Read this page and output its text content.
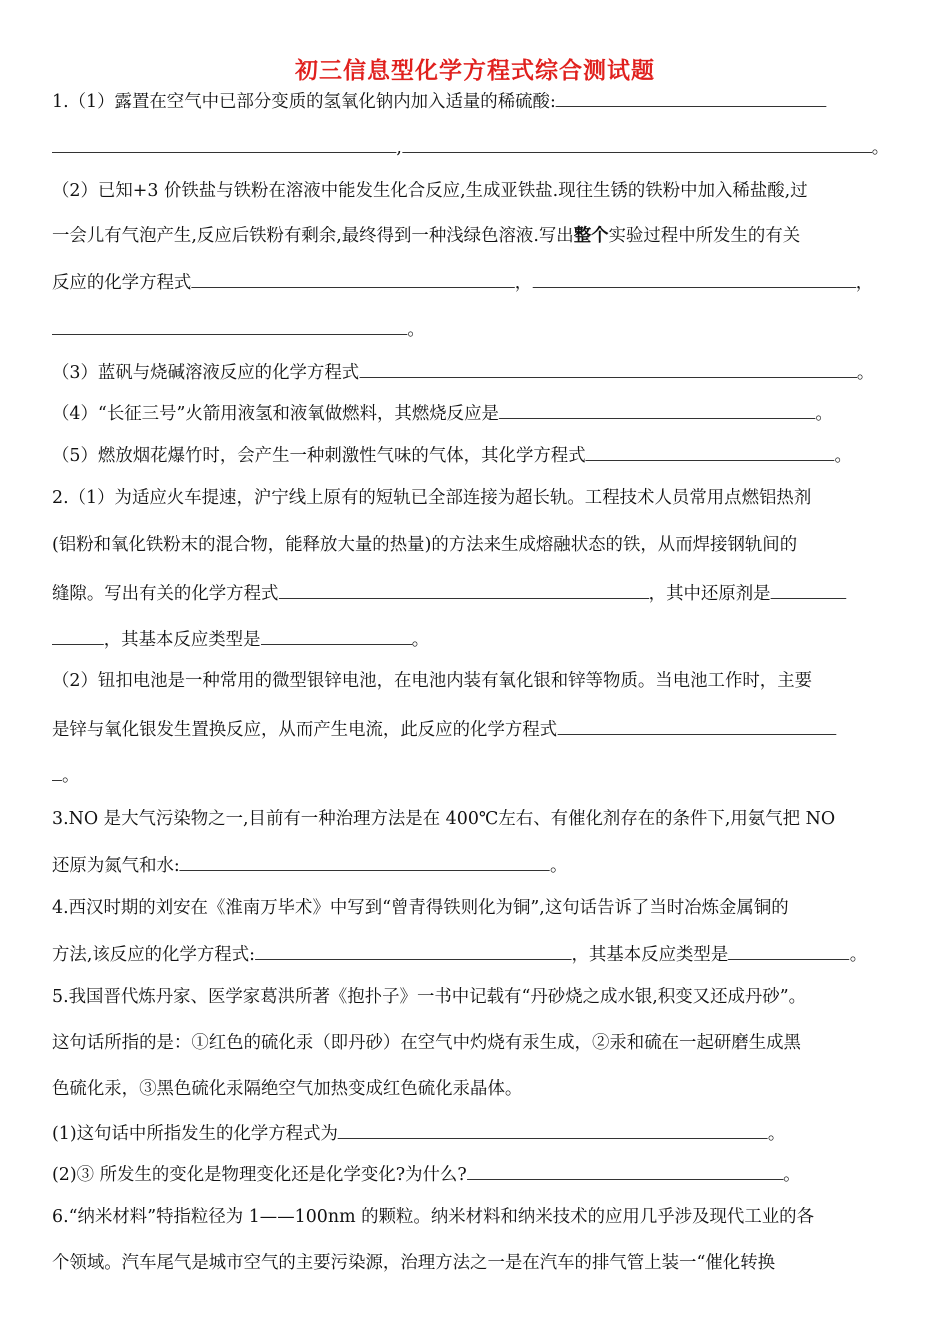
初三信息型化学方程式综合测试题
1.（1）露置在空气中已部分变质的氢氧化钠内加入适量的稀硫酸:
,	。
（2）已知+3 价铁盐与铁粉在溶液中能发生化合反应,生成亚铁盐.现往生锈的铁粉中加入稀盐酸,过
一会儿有气泡产生,反应后铁粉有剩余,最终得到一种浅绿色溶液.写出整个实验过程中所发生的有关
反应的化学方程式	，	，
。
（3）蓝矾与烧碱溶液反应的化学方程式	。
（4）“长征三号”火箭用液氢和液氧做燃料，其燃烧反应是	。
（5）燃放烟花爆竹时，会产生一种刺激性气味的气体，其化学方程式	。
2.（1）为适应火车提速，沪宁线上原有的短轨已全部连接为超长轨。工程技术人员常用点燃铝热剂
(铝粉和氧化铁粉末的混合物，能释放大量的热量)的方法来生成熔融状态的铁，从而焊接钢轨间的
缝隙。写出有关的化学方程式	，其中还原剂是
，其基本反应类型是	。
（2）钮扣电池是一种常用的微型银锌电池，在电池内装有氧化银和锌等物质。当电池工作时，主要
是锌与氧化银发生置换反应，从而产生电流，此反应的化学方程式
。
3.NO 是大气污染物之一,目前有一种治理方法是在 400℃左右、有催化剂存在的条件下,用氨气把 NO
还原为氮气和水:	。
4.西汉时期的刘安在《淮南万毕术》中写到“曾青得铁则化为铜”,这句话告诉了当时冶炼金属铜的
方法,该反应的化学方程式:	，其基本反应类型是	。
5.我国晋代炼丹家、医学家葛洪所著《抱扑子》一书中记载有“丹砂烧之成水银,积变又还成丹砂”。
这句话所指的是：①红色的硫化汞（即丹砂）在空气中灼烧有汞生成，②汞和硫在一起研磨生成黑
色硫化汞，③黑色硫化汞隔绝空气加热变成红色硫化汞晶体。
(1)这句话中所指发生的化学方程式为	。
(2)③ 所发生的变化是物理变化还是化学变化?为什么?	。
6.“纳米材料”特指粒径为 1——100nm 的颗粒。纳米材料和纳米技术的应用几乎涉及现代工业的各
个领域。汽车尾气是城市空气的主要污染源，治理方法之一是在汽车的排气管上装一“催化转换
